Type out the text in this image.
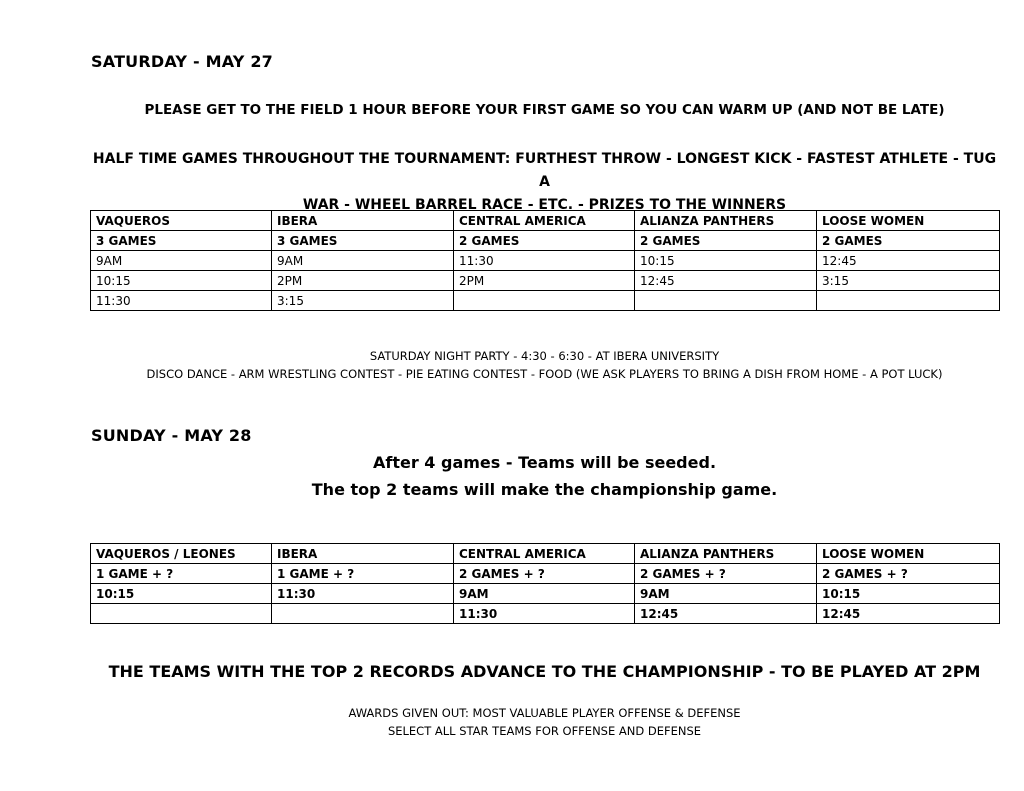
SATURDAY - MAY 27
PLEASE GET TO THE FIELD 1 HOUR BEFORE YOUR FIRST GAME SO YOU CAN WARM UP (AND NOT BE LATE)
HALF TIME GAMES THROUGHOUT THE TOURNAMENT: FURTHEST THROW - LONGEST KICK - FASTEST ATHLETE - TUG A
WAR - WHEEL BARREL RACE - ETC. - PRIZES TO THE WINNERS
VAQUEROS	IBERA	CENTRAL AMERICA	ALIANZA PANTHERS	LOOSE WOMEN
3 GAMES	3 GAMES	2 GAMES	2 GAMES	2 GAMES
9AM	9AM	11:30	10:15	12:45
10:15	2PM	2PM	12:45	3:15
11:30	3:15			
SATURDAY NIGHT PARTY - 4:30 - 6:30 - AT IBERA UNIVERSITY
DISCO DANCE - ARM WRESTLING CONTEST - PIE EATING CONTEST - FOOD (WE ASK PLAYERS TO BRING A DISH FROM HOME - A POT LUCK)
SUNDAY - MAY 28
After 4 games - Teams will be seeded.
The top 2 teams will make the championship game.
VAQUEROS / LEONES	IBERA	CENTRAL AMERICA	ALIANZA PANTHERS	LOOSE WOMEN
1 GAME + ?	1 GAME + ?	2 GAMES + ?	2 GAMES + ?	2 GAMES + ?
10:15	11:30	9AM	9AM	10:15
		11:30	12:45	12:45
THE TEAMS WITH THE TOP 2 RECORDS ADVANCE TO THE CHAMPIONSHIP - TO BE PLAYED AT 2PM
AWARDS GIVEN OUT: MOST VALUABLE PLAYER OFFENSE & DEFENSE
SELECT ALL STAR TEAMS FOR OFFENSE AND DEFENSE
